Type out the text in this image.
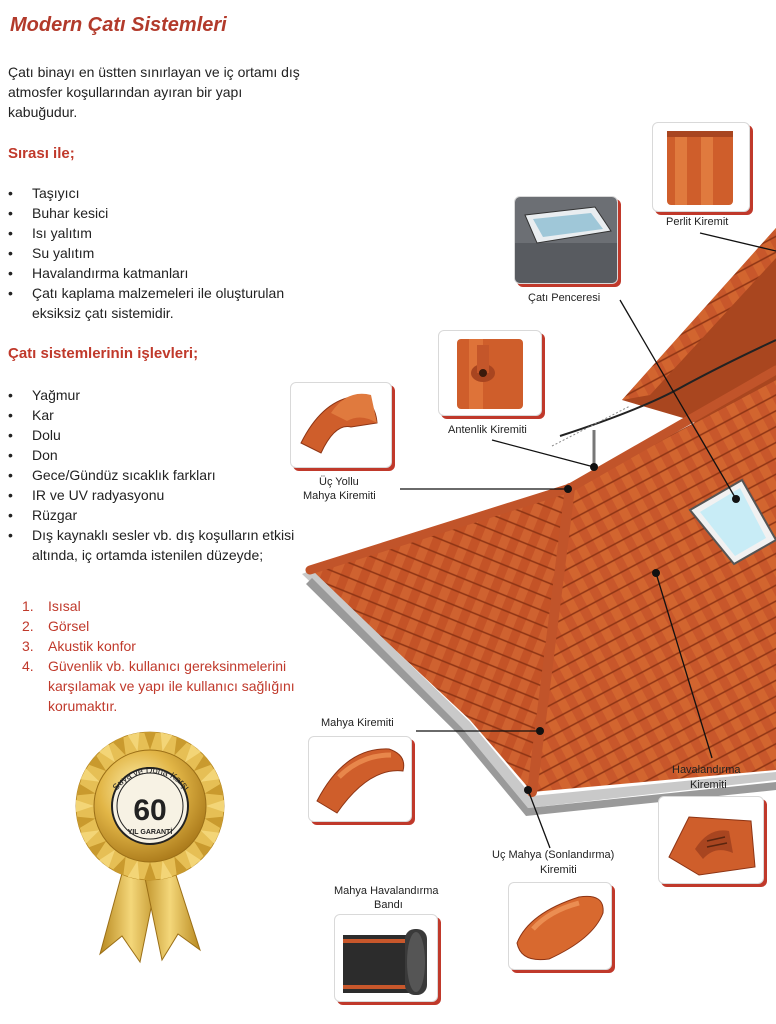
Modern Çatı Sistemleri
Çatı binayı en üstten sınırlayan ve iç ortamı dış atmosfer koşullarından ayıran bir yapı kabuğudur.
Sırası ile;
• Taşıyıcı
• Buhar kesici
• Isı yalıtım
• Su yalıtım
• Havalandırma katmanları
• Çatı kaplama malzemeleri ile oluşturulan eksiksiz çatı sistemidir.
Çatı sistemlerinin işlevleri;
• Yağmur
• Kar
• Dolu
• Don
• Gece/Gündüz sıcaklık farkları
• IR ve UV radyasyonu
• Rüzgar
• Dış kaynaklı sesler vb. dış koşulların etkisi altında, iç ortamda istenilen düzeyde;
1. Isısal
2. Görsel
3. Akustik konfor
4. Güvenlik vb. kullanıcı gereksinmelerini karşılamak ve yapı ile kullanıcı sağlığını korumaktır.
60
Suya ve Dona Karşı
YIL GARANTİ
Perlit Kiremit
Çatı Penceresi
Antenlik Kiremiti
Üç Yollu
Mahya Kiremiti
Mahya Kiremiti
Havalandırma
Kiremiti
Uç Mahya (Sonlandırma)
Kiremiti
Mahya Havalandırma
Bandı
